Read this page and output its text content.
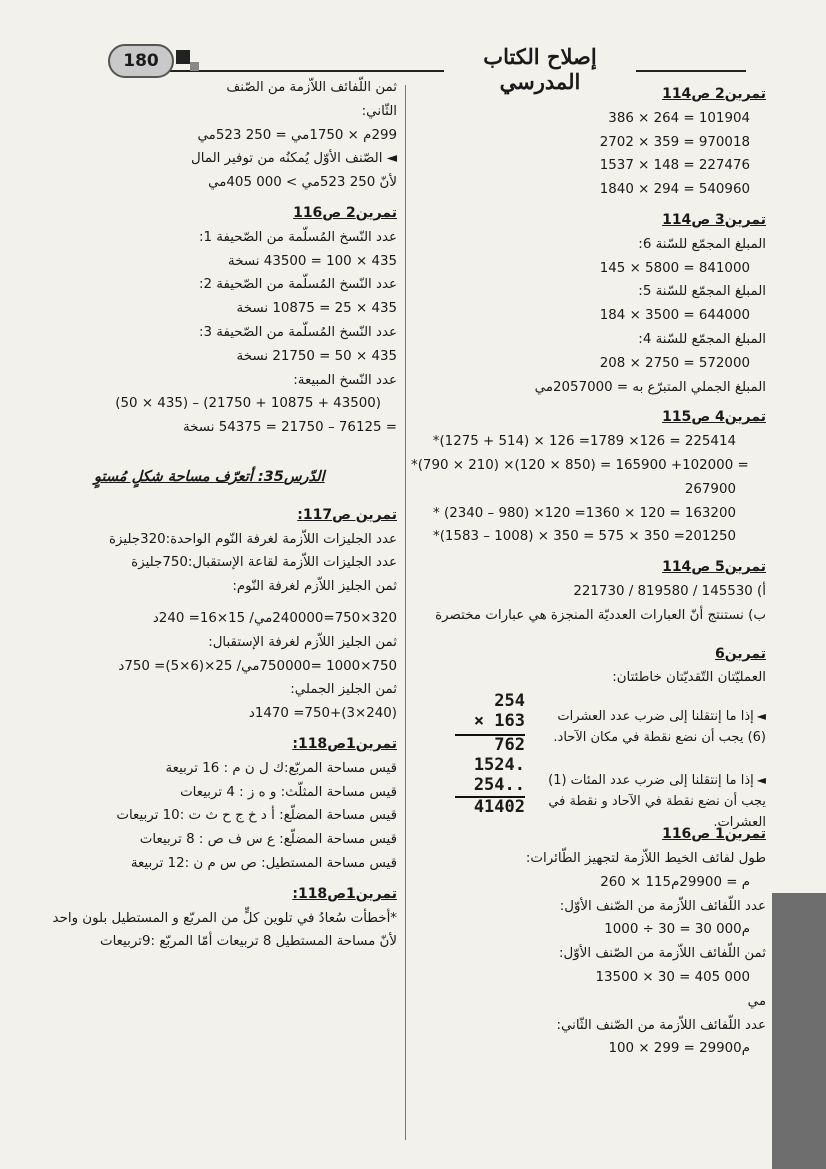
إصلاح الكتاب المدرسي
180
تمرين2 ص114
386 × 264 = 101904
2702 × 359 = 970018
1537 × 148 = 227476
1840 × 294 = 540960
تمرين3 ص114
المبلغ المجمّع للسّنة 6:
145 × 5800 = 841000
المبلغ المجمّع للسّنة 5:
184 × 3500 = 644000
المبلغ المجمّع للسّنة 4:
208 × 2750 = 572000
المبلغ الجملي المتبرّع به = 2057000مي
تمرين4 ص115
*(1275 + 514) × 126 =1789 ×126 = 225414
*(790 × 210) ×(120 × 850) = 165900 +102000 =
267900
* (2340 – 980) ×120 =1360 × 120 = 163200
*(1583 – 1008) × 350 = 575 × 350 =201250
تمرين5 ص114
أ) 145530 / 819580 / 221730
ب) نستنتج أنّ العبارات العدديّة المنجزة هي عبارات مختصرة
تمرين6
العمليّتان التّقديّتان خاطئتان:
254
× 163
762
1524.
254..
41402
◄إذا ما إنتقلنا إلى ضرب عدد العشرات (6) يجب أن نضع نقطة في مكان الآحاد.
◄إذا ما إنتقلنا إلى ضرب عدد المئات (1) يجب أن نضع نقطة في الآحاد و نقطة في العشرات.
تمرين1 ص116
طول لفائف الخيط اللاّزمة لتجهيز الطّائرات:
260 × 115م = 29900م
عدد اللّفائف اللاّزمة من الصّنف الأوّل:
1000 ÷ 30 = 30 000م
ثمن اللّفائف اللاّزمة من الصّنف الأوّل:
13500 × 30 = 405 000
مي
عدد اللّفائف اللاّزمة من الصّنف الثّاني:
100 × 299 = 29900م
ثمن اللّفائف اللاّزمة من الصّنف
الثّاني:
299م × 1750مي = 250 523مي
◄ الصّنف الأوّل يُمكنُه من توفير المال
لأنّ 250 523مي > 000 405مي
تمرين2 ص116
عدد النّسخ المُسلّمة من الصّحيفة 1:
435 × 100 = 43500 نسخة
عدد النّسخ المُسلّمة من الصّحيفة 2:
435 × 25 = 10875 نسخة
عدد النّسخ المُسلّمة من الصّحيفة 3:
435 × 50 = 21750 نسخة
عدد النّسخ المبيعة:
(50 × 435) – (21750 + 10875 + 43500)
= 76125 – 21750 = 54375 نسخة
الدّرس35: أتعرّف مساحة شكلٍ مُستوٍ
تمرين ص117:
عدد الجليزات اللاّزمة لغرفة النّوم الواحدة:320جليزة
عدد الجليزات اللاّزمة لقاعة الإستقبال:750جليزة
ثمن الجليز اللاّزم لغرفة النّوم:
320×750=240000مي/ 15×16= 240د
ثمن الجليز اللاّزم لغرفة الإستقبال:
750×1000 =750000مي/ 25×(6×5)= 750د
ثمن الجليز الجملي:
(240×3)+750= 1470د
تمرين1ص118:
قيس مساحة المربّع:ك ل ن م : 16 تربيعة
قيس مساحة المثلّث: و ه ز : 4 تربيعات
قيس مساحة المضلّع: أ د خ ج ح ث ت :10 تربيعات
قيس مساحة المضلّع: ع س ف ص : 8 تربيعات
قيس مساحة المستطيل: ص س م ن :12 تربيعة
تمرين1ص118:
*أخطأت سُعادُ في تلوين كلٍّ من المربّع و المستطيل بلون واحد
لأنّ مساحة المستطيل 8 تربيعات أمّا المربّع :9تربيعات
